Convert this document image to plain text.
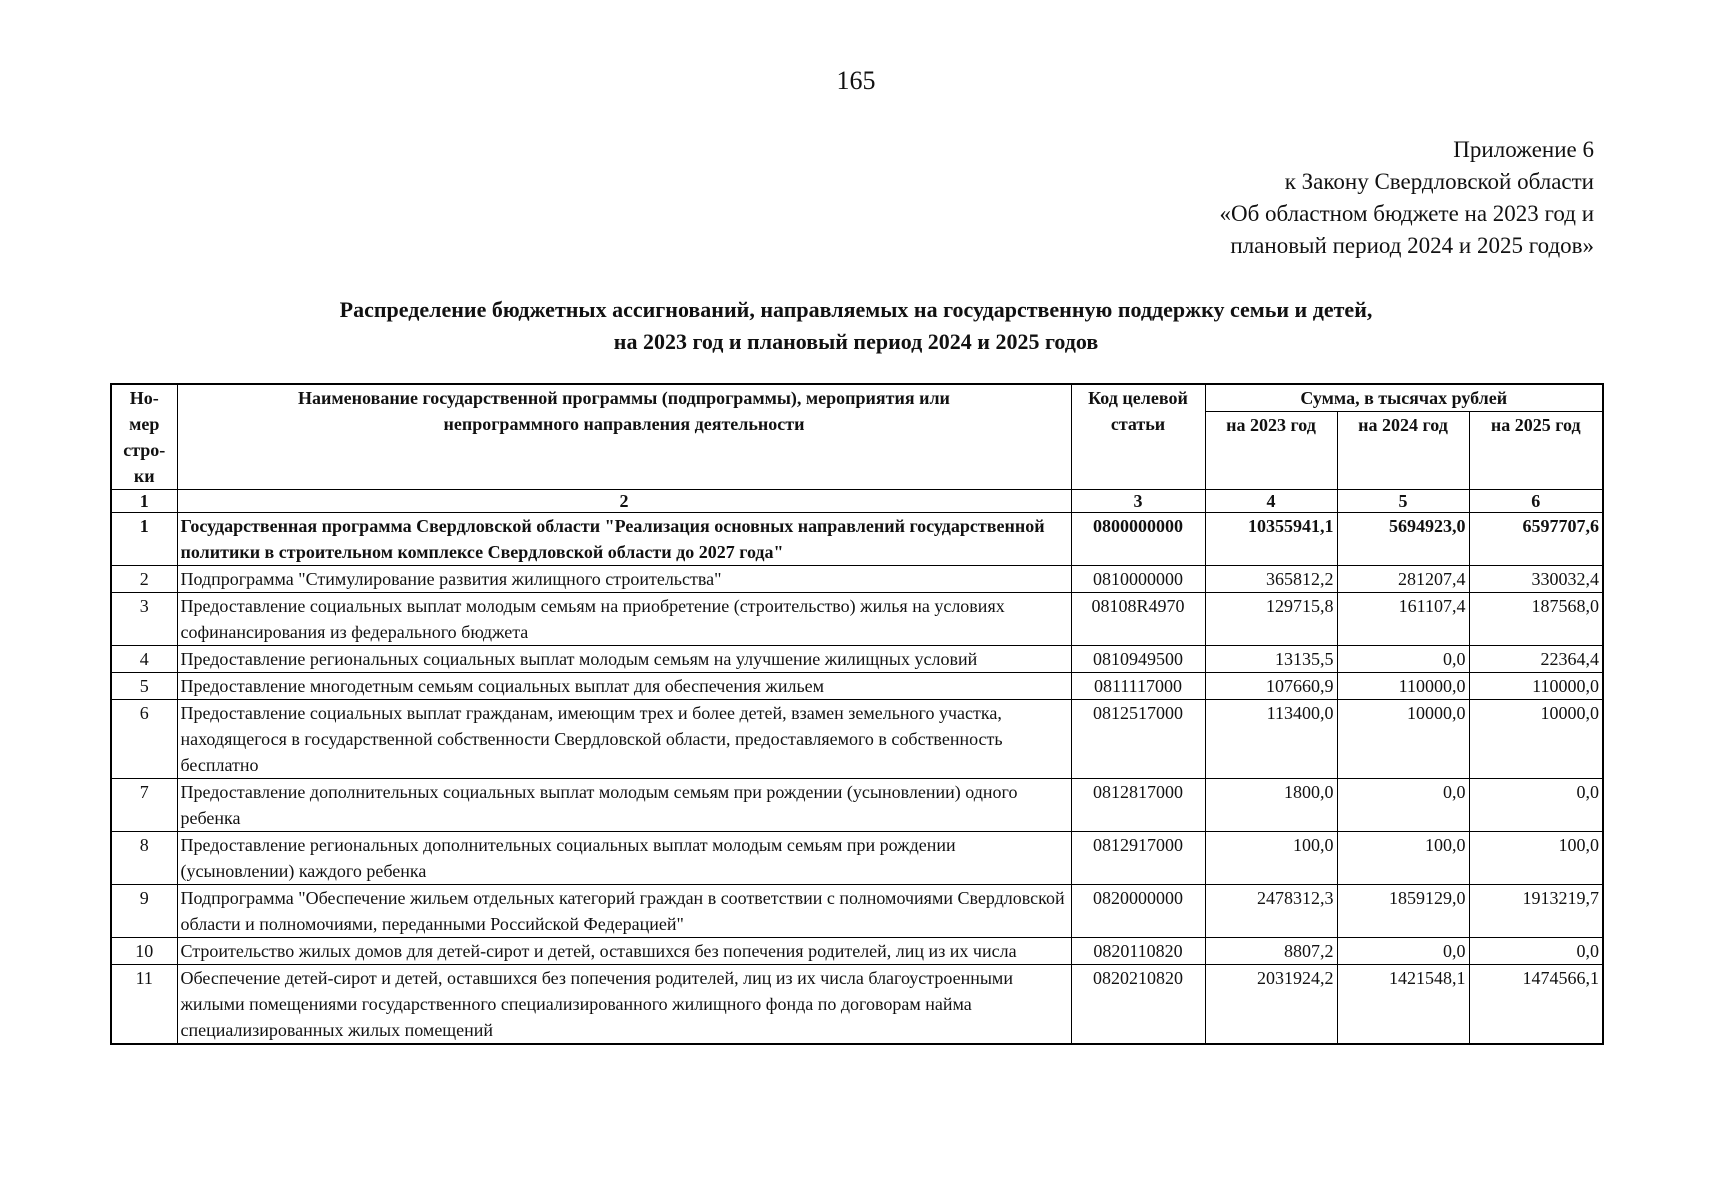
165
Приложение 6
к Закону Свердловской области
«Об областном бюджете на 2023 год и
плановый период 2024 и 2025 годов»
Распределение бюджетных ассигнований, направляемых на государственную поддержку семьи и детей,
на 2023 год и плановый период 2024 и 2025 годов
Но-
мер
стро-
ки	Наименование государственной программы (подпрограммы), мероприятия или непрограммного направления деятельности	Код целевой статьи	Сумма, в тысячах рублей		
			на 2023 год	на 2024 год	на 2025 год
1	2	3	4	5	6
1	Государственная программа Свердловской области "Реализация основных направлений государственной политики в строительном комплексе Свердловской области до 2027 года"	0800000000	10355941,1	5694923,0	6597707,6
2	Подпрограмма "Стимулирование развития жилищного строительства"	0810000000	365812,2	281207,4	330032,4
3	Предоставление социальных выплат молодым семьям на приобретение (строительство) жилья на условиях софинансирования из федерального бюджета	08108R4970	129715,8	161107,4	187568,0
4	Предоставление региональных социальных выплат молодым семьям на улучшение жилищных условий	0810949500	13135,5	0,0	22364,4
5	Предоставление многодетным семьям социальных выплат для обеспечения жильем	0811117000	107660,9	110000,0	110000,0
6	Предоставление социальных выплат гражданам, имеющим трех и более детей, взамен земельного участка, находящегося в государственной собственности Свердловской области, предоставляемого в собственность бесплатно	0812517000	113400,0	10000,0	10000,0
7	Предоставление дополнительных социальных выплат молодым семьям при рождении (усыновлении) одного ребенка	0812817000	1800,0	0,0	0,0
8	Предоставление региональных дополнительных социальных выплат молодым семьям при рождении (усыновлении) каждого ребенка	0812917000	100,0	100,0	100,0
9	Подпрограмма "Обеспечение жильем отдельных категорий граждан в соответствии с полномочиями Свердловской области и полномочиями, переданными Российской Федерацией"	0820000000	2478312,3	1859129,0	1913219,7
10	Строительство жилых домов для детей-сирот и детей, оставшихся без попечения родителей, лиц из их числа	0820110820	8807,2	0,0	0,0
11	Обеспечение детей-сирот и детей, оставшихся без попечения родителей, лиц из их числа благоустроенными жилыми помещениями государственного специализированного жилищного фонда по договорам найма специализированных жилых помещений	0820210820	2031924,2	1421548,1	1474566,1
